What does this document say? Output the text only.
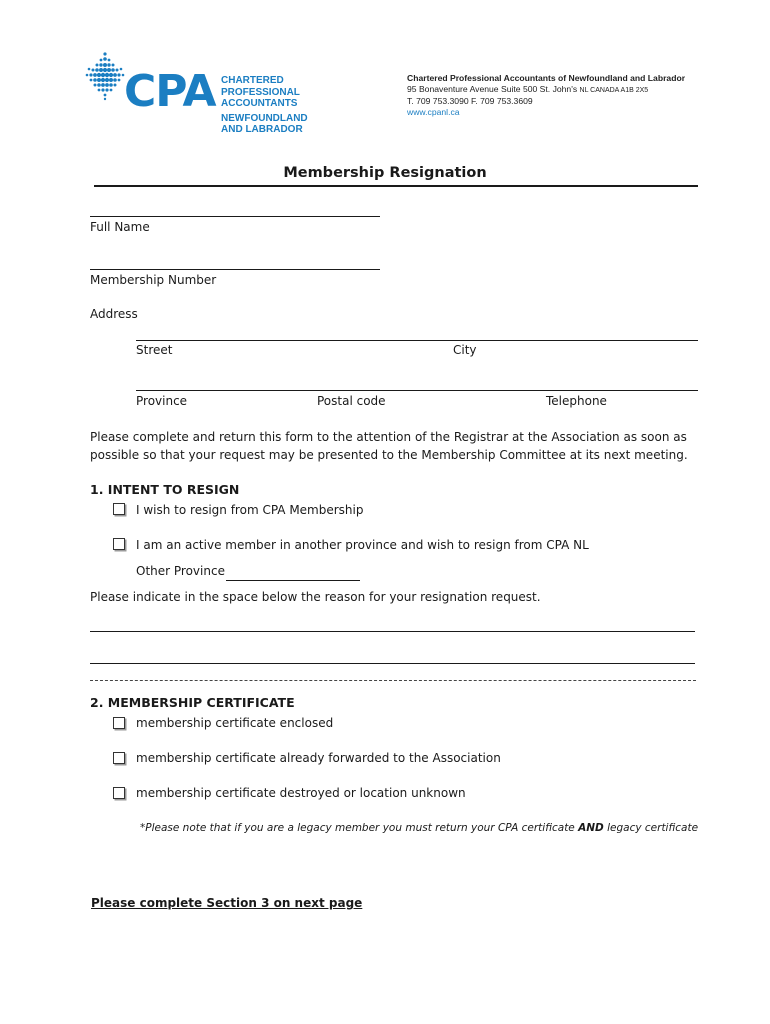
CPA CHARTERED
PROFESSIONAL
ACCOUNTANTS
NEWFOUNDLAND
AND LABRADOR
Chartered Professional Accountants of Newfoundland and Labrador
95 Bonaventure Avenue Suite 500 St. John's NL CANADA A1B 2X5
T. 709 753.3090 F. 709 753.3609
www.cpanl.ca
Membership Resignation
Full Name
Membership Number
Address
Street	City
Province	Postal code	Telephone
Please complete and return this form to the attention of the Registrar at the Association as soon as possible so that your request may be presented to the Membership Committee at its next meeting.
1. INTENT TO RESIGN
I wish to resign from CPA Membership
I am an active member in another province and wish to resign from CPA NL
Other Province
Please indicate in the space below the reason for your resignation request.
2. MEMBERSHIP CERTIFICATE
membership certificate enclosed
membership certificate already forwarded to the Association
membership certificate destroyed or location unknown
*Please note that if you are a legacy member you must return your CPA certificate AND legacy certificate
Please complete Section 3 on next page
